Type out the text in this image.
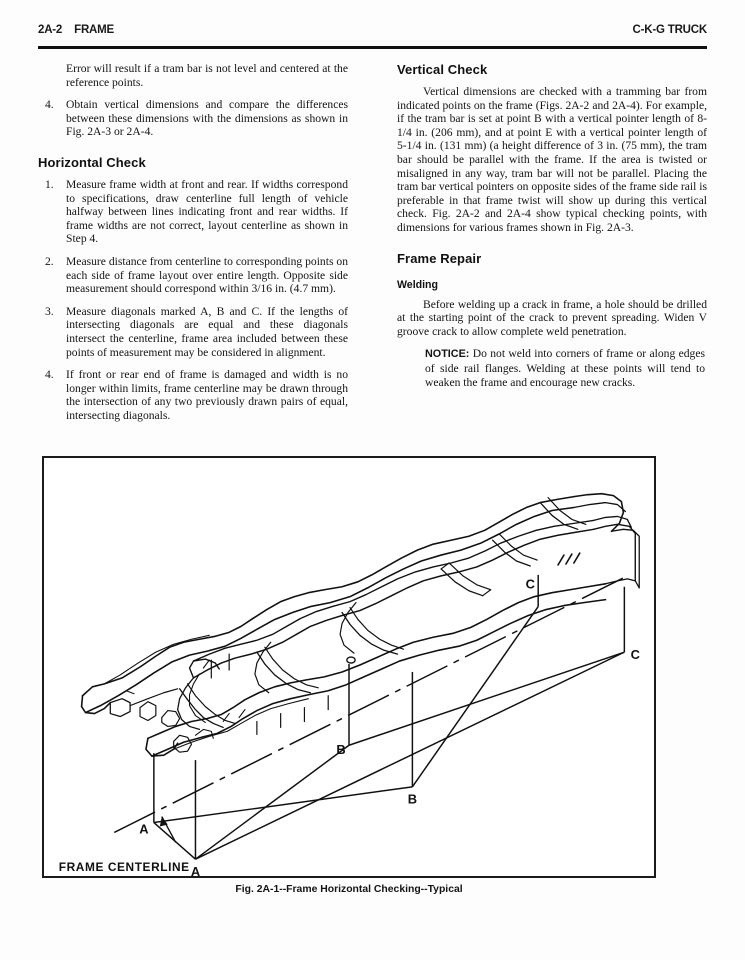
2A-2 FRAME	C-K-G TRUCK

Error will result if a tram bar is not level and centered at the reference points.

4.	Obtain vertical dimensions and compare the differences between these dimensions with the dimensions as shown in Fig. 2A-3 or 2A-4.
Horizontal Check
1.	Measure frame width at front and rear. If widths correspond to specifications, draw centerline full length of vehicle halfway between lines indicating front and rear widths. If frame widths are not correct, layout centerline as shown in Step 4.
2.	Measure distance from centerline to corresponding points on each side of frame layout over entire length. Opposite side measurement should correspond within 3/16 in. (4.7 mm).
3.	Measure diagonals marked A, B and C. If the lengths of intersecting diagonals are equal and these diagonals intersect the centerline, frame area included between these points of measurement may be considered in alignment.
4.	If front or rear end of frame is damaged and width is no longer within limits, frame centerline may be drawn through the intersection of any two previously drawn pairs of equal, intersecting diagonals.
Vertical Check

Vertical dimensions are checked with a tramming bar from indicated points on the frame (Figs. 2A-2 and 2A-4). For example, if the tram bar is set at point B with a vertical pointer length of 8-1/4 in. (206 mm), and at point E with a vertical pointer length of 5-1/4 in. (131 mm) (a height difference of 3 in. (75 mm), the tram bar should be parallel with the frame. If the area is twisted or misaligned in any way, tram bar will not be parallel. Placing the tram bar vertical pointers on opposite sides of the frame side rail is preferable in that frame twist will show up during this vertical check. Fig. 2A-2 and 2A-4 show typical checking points, with dimensions for various frames shown in Fig. 2A-3.

Frame Repair
Welding

Before welding up a crack in frame, a hole should be drilled at the starting point of the crack to prevent spreading. Widen V groove crack to allow complete weld penetration.

NOTICE: Do not weld into corners of frame or along edges of side rail flanges. Welding at these points will tend to weaken the frame and encourage new cracks.

A
A
B
B
C
C
FRAME CENTERLINE
Fig. 2A-1--Frame Horizontal Checking--Typical
